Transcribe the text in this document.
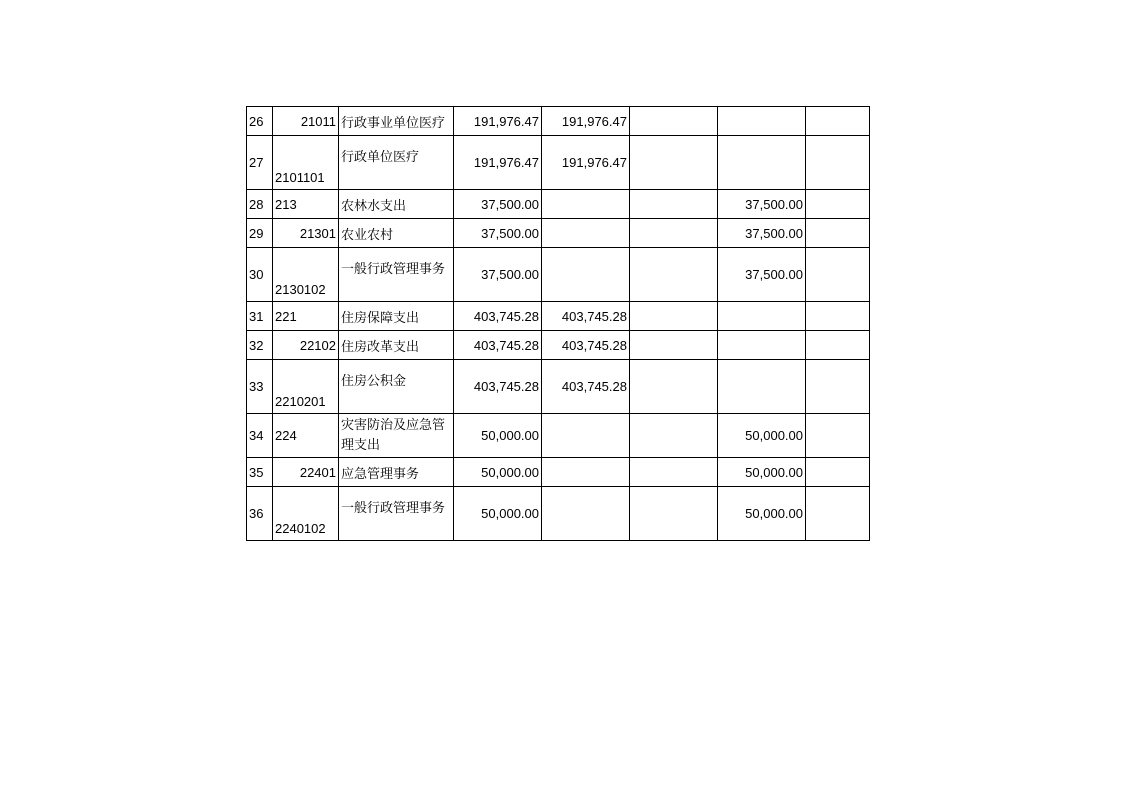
26	21011	行政事业单位医疗	191,976.47	191,976.47			
27	2101101	行政单位医疗	191,976.47	191,976.47			
28	213	农林水支出	37,500.00			37,500.00	
29	21301	农业农村	37,500.00			37,500.00	
30	2130102	一般行政管理事务	37,500.00			37,500.00	
31	221	住房保障支出	403,745.28	403,745.28			
32	22102	住房改革支出	403,745.28	403,745.28			
33	2210201	住房公积金	403,745.28	403,745.28			
34	224	灾害防治及应急管理支出	50,000.00			50,000.00	
35	22401	应急管理事务	50,000.00			50,000.00	
36	2240102	一般行政管理事务	50,000.00			50,000.00	
